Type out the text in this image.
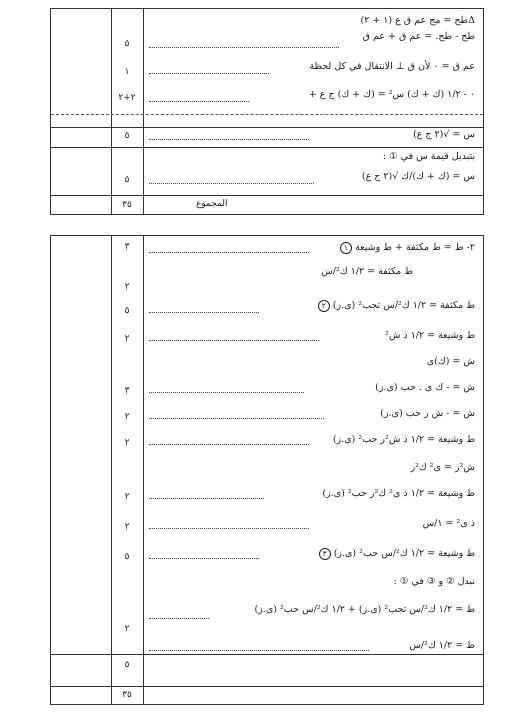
Δطح = مج عم ق ع (١ + ٢)
طح - طح. = عم ق + عم ق
٥
عم ق = ٠ لأن ق ⊥ الانتقال في كل لحظة
١
٠ - ١/٢ (ك + ك) س² = (ك + ك) ج ع +
٢+٢
س = √(٢ ج ع)
٥
بتبديل قيمة س في ① :
س = (ك + ك)/ك √(٢ ج ع)
٥
المجموع
٣٥
٢- ط = ط مكثفة + ط وشيعة ١
٣
ط مكثفة = ١/٢ ك²/س
٢
ط مكثفة = ١/٢ ك²/س تجب² (ى.ز) ٢
٥
ط وشيعة = ١/٢ ذ ش²
٢
ش = (ك)ى
ش = - ك ى . حب (ى.ز)
٣
ش = - ش ر حب (ى.ز)
٢
ط وشيعة = ١/٢ ذ ش²ر حب² (ى.ز)
٢
ش²ر = ى² ك²ر
ط وشيعة = ١/٢ ذ ى² ك²ر حب² (ى.ز)
٢
ذ ى² = ١/س
٢
ط وشيعة = ١/٢ ك²/س حب² (ى.ز) ٣
٥
نبدل ② و ③ في ① :
ط = ١/٢ ك²/س تجب² (ى.ز) + ١/٢ ك²/س حب² (ى.ز)
٢
ط = ١/٢ ك²/س
٥
٣٥
